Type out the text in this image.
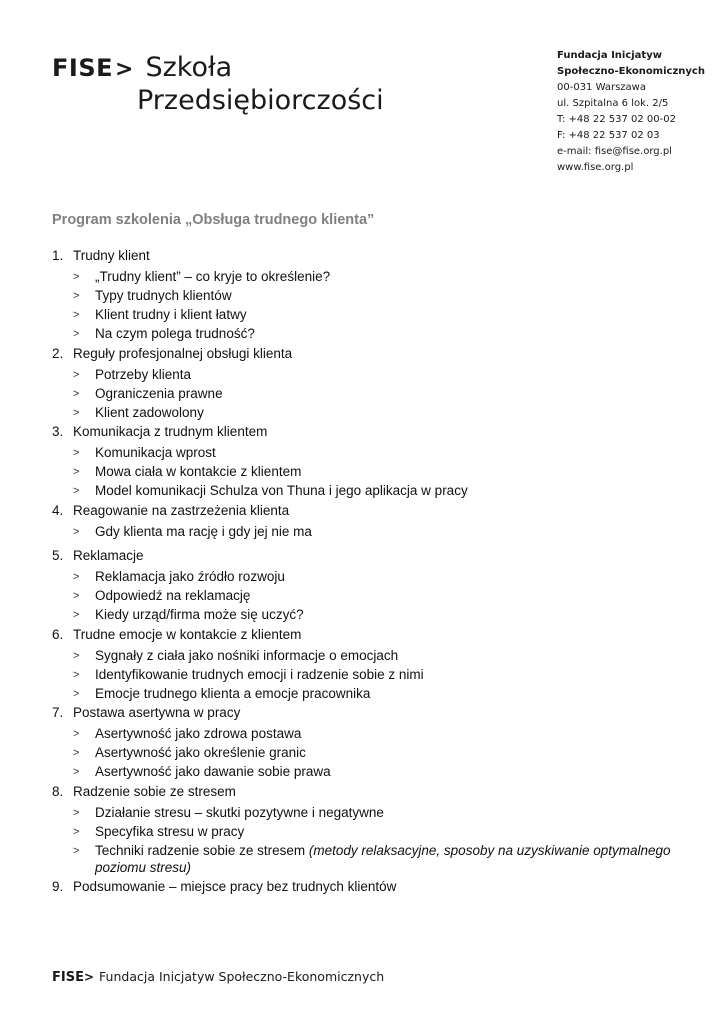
FISE > Szkoła
Przedsiębiorczości
Fundacja Inicjatyw
Społeczno-Ekonomicznych
00-031 Warszawa
ul. Szpitalna 6 lok. 2/5
T: +48 22 537 02 00-02
F: +48 22 537 02 03
e-mail: fise@fise.org.pl
www.fise.org.pl
Program szkolenia „Obsługa trudnego klienta”
1. Trudny klient
>	„Trudny klient” – co kryje to określenie?
>	Typy trudnych klientów
>	Klient trudny i klient łatwy
>	Na czym polega trudność?
2. Reguły profesjonalnej obsługi klienta
>	Potrzeby klienta
>	Ograniczenia prawne
>	Klient zadowolony
3. Komunikacja z trudnym klientem
>	Komunikacja wprost
>	Mowa ciała w kontakcie z klientem
>	Model komunikacji Schulza von Thuna i jego aplikacja w pracy
4. Reagowanie na zastrzeżenia klienta
>	Gdy klienta ma rację i gdy jej nie ma
5. Reklamacje
>	Reklamacja jako źródło rozwoju
>	Odpowiedź na reklamację
>	Kiedy urząd/firma może się uczyć?
6. Trudne emocje w kontakcie z klientem
>	Sygnały z ciała jako nośniki informacje o emocjach
>	Identyfikowanie trudnych emocji i radzenie sobie z nimi
>	Emocje trudnego klienta a emocje pracownika
7. Postawa asertywna w pracy
>	Asertywność jako zdrowa postawa
>	Asertywność jako określenie granic
>	Asertywność jako dawanie sobie prawa
8. Radzenie sobie ze stresem
>	Działanie stresu – skutki pozytywne i negatywne
>	Specyfika stresu w pracy
>	Techniki radzenie sobie ze stresem (metody relaksacyjne, sposoby na uzyskiwanie optymalnego poziomu stresu)
9. Podsumowanie – miejsce pracy bez trudnych klientów
FISE > Fundacja Inicjatyw Społeczno-Ekonomicznych
